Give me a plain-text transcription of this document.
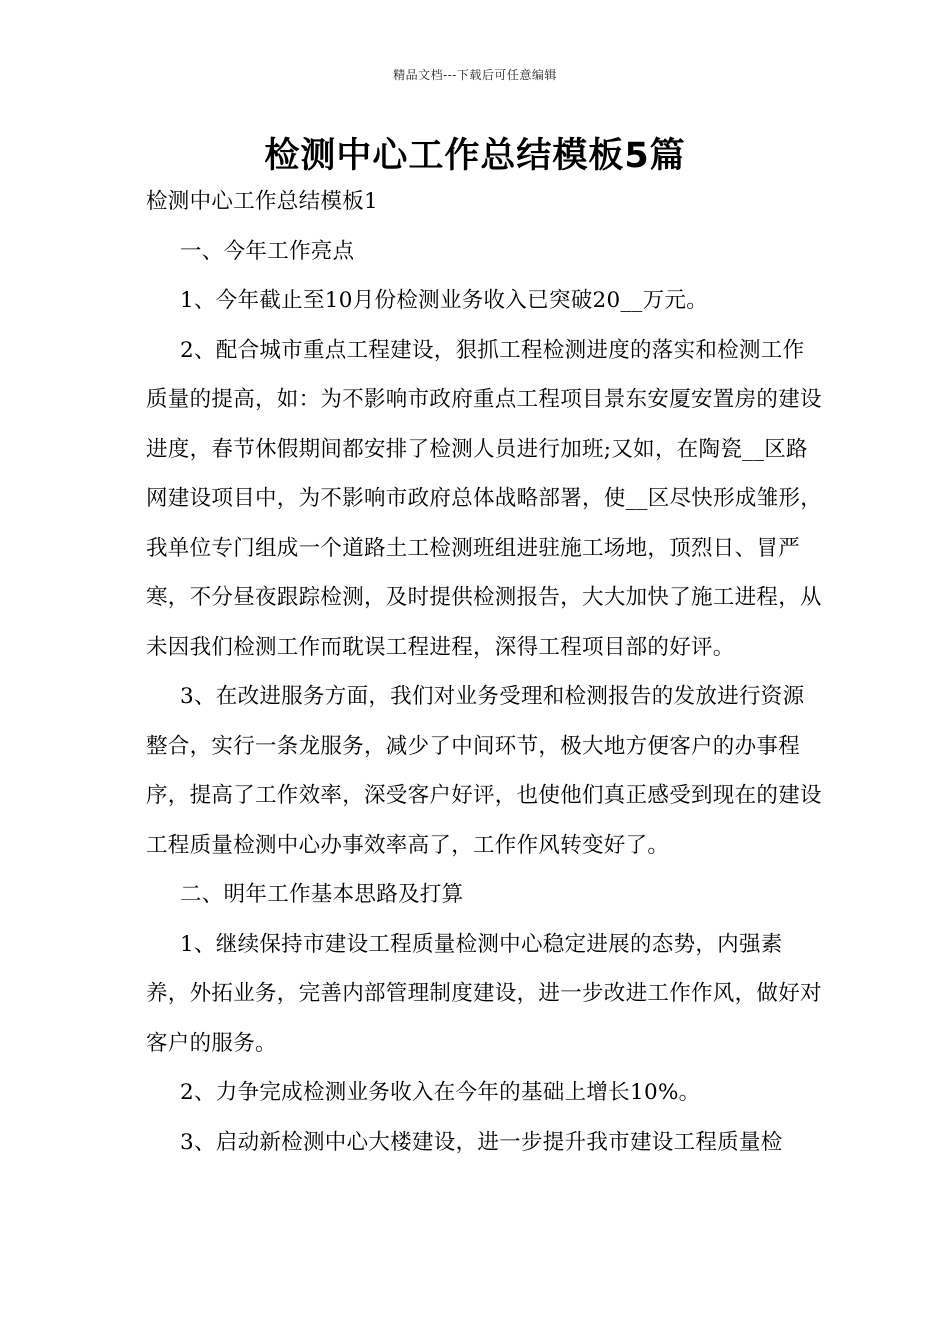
精品文档---下载后可任意编辑
检测中心工作总结模板5篇

检测中心工作总结模板1

一、今年工作亮点

1、今年截止至10月份检测业务收入已突破20__万元。

2、配合城市重点工程建设，狠抓工程检测进度的落实和检测工作质量的提高，如：为不影响市政府重点工程项目景东安厦安置房的建设进度，春节休假期间都安排了检测人员进行加班;又如，在陶瓷__区路网建设项目中，为不影响市政府总体战略部署，使__区尽快形成雏形，我单位专门组成一个道路土工检测班组进驻施工场地，顶烈日、冒严寒，不分昼夜跟踪检测，及时提供检测报告，大大加快了施工进程，从未因我们检测工作而耽误工程进程，深得工程项目部的好评。

3、在改进服务方面，我们对业务受理和检测报告的发放进行资源整合，实行一条龙服务，减少了中间环节，极大地方便客户的办事程序，提高了工作效率，深受客户好评，也使他们真正感受到现在的建设工程质量检测中心办事效率高了，工作作风转变好了。

二、明年工作基本思路及打算

1、继续保持市建设工程质量检测中心稳定进展的态势，内强素养，外拓业务，完善内部管理制度建设，进一步改进工作作风，做好对客户的服务。

2、力争完成检测业务收入在今年的基础上增长10%。

3、启动新检测中心大楼建设，进一步提升我市建设工程质量检
